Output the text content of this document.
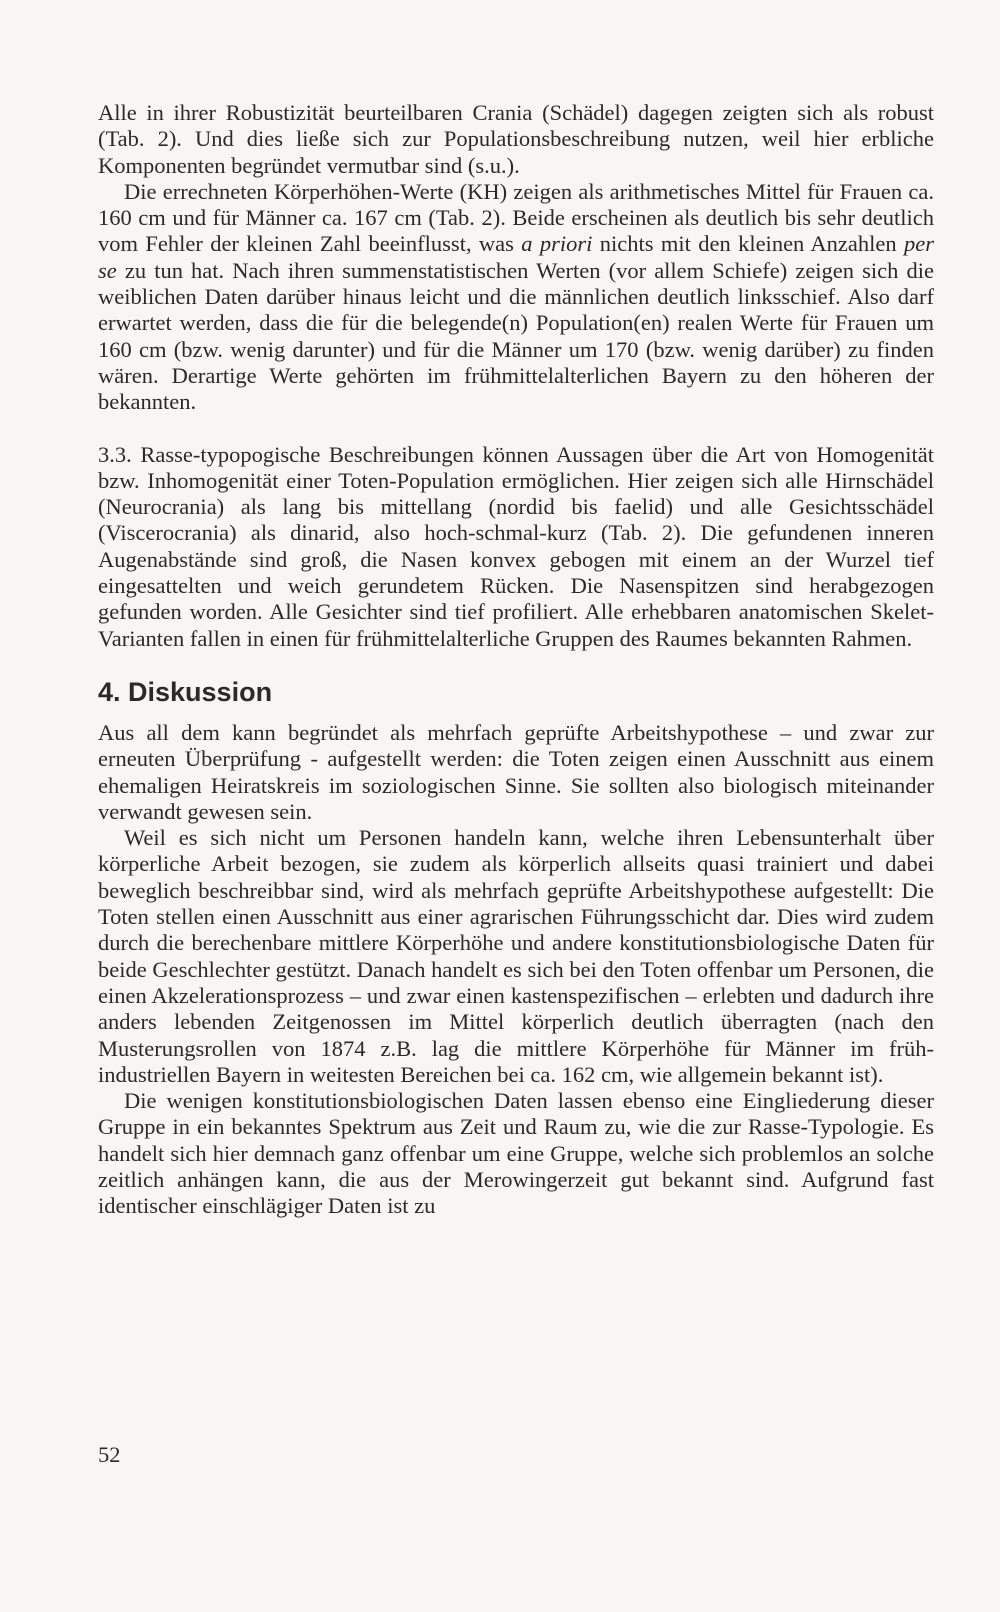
Alle in ihrer Robustizität beurteilbaren Crania (Schädel) dagegen zeigten sich als robust (Tab. 2). Und dies ließe sich zur Populationsbeschreibung nutzen, weil hier erbliche Komponenten begründet vermutbar sind (s.u.).

Die errechneten Körperhöhen-Werte (KH) zeigen als arithmetisches Mittel für Frauen ca. 160 cm und für Männer ca. 167 cm (Tab. 2). Beide erscheinen als deutlich bis sehr deutlich vom Fehler der kleinen Zahl beeinflusst, was a priori nichts mit den kleinen Anzahlen per se zu tun hat. Nach ihren summenstatistischen Werten (vor allem Schiefe) zeigen sich die weiblichen Daten darüber hinaus leicht und die männlichen deutlich linksschief. Also darf erwartet werden, dass die für die belegende(n) Population(en) realen Werte für Frauen um 160 cm (bzw. wenig darunter) und für die Männer um 170 (bzw. wenig darüber) zu finden wären. Derartige Werte gehörten im frühmittelalterlichen Bayern zu den höheren der bekannten.

3.3. Rasse-typopogische Beschreibungen können Aussagen über die Art von Homogenität bzw. Inhomogenität einer Toten-Population ermöglichen. Hier zeigen sich alle Hirnschädel (Neurocrania) als lang bis mittellang (nordid bis faelid) und alle Gesichtsschädel (Viscerocrania) als dinarid, also hoch-schmal-kurz (Tab. 2). Die gefundenen inneren Augenabstände sind groß, die Nasen konvex gebogen mit einem an der Wurzel tief eingesattelten und weich gerundetem Rücken. Die Nasenspitzen sind herabgezogen gefunden worden. Alle Gesichter sind tief profiliert. Alle erhebbaren anatomischen Skelet-Varianten fallen in einen für frühmittelalterliche Gruppen des Raumes bekannten Rahmen.

4. Diskussion

Aus all dem kann begründet als mehrfach geprüfte Arbeitshypothese – und zwar zur erneuten Überprüfung - aufgestellt werden: die Toten zeigen einen Ausschnitt aus einem ehemaligen Heiratskreis im soziologischen Sinne. Sie sollten also biologisch miteinander verwandt gewesen sein.

Weil es sich nicht um Personen handeln kann, welche ihren Lebensunterhalt über körperliche Arbeit bezogen, sie zudem als körperlich allseits quasi trainiert und dabei beweglich beschreibbar sind, wird als mehrfach geprüfte Arbeitshypothese aufgestellt: Die Toten stellen einen Ausschnitt aus einer agrarischen Führungsschicht dar. Dies wird zudem durch die berechenbare mittlere Körperhöhe und andere konstitutionsbiologische Daten für beide Geschlechter gestützt. Danach handelt es sich bei den Toten offenbar um Personen, die einen Akzelerationsprozess – und zwar einen kastenspezifischen – erlebten und dadurch ihre anders lebenden Zeitgenossen im Mittel körperlich deutlich überragten (nach den Musterungsrollen von 1874 z.B. lag die mittlere Körperhöhe für Männer im früh-industriellen Bayern in weitesten Bereichen bei ca. 162 cm, wie allgemein bekannt ist).

Die wenigen konstitutionsbiologischen Daten lassen ebenso eine Eingliederung dieser Gruppe in ein bekanntes Spektrum aus Zeit und Raum zu, wie die zur Rasse-Typologie. Es handelt sich hier demnach ganz offenbar um eine Gruppe, welche sich problemlos an solche zeitlich anhängen kann, die aus der Merowingerzeit gut bekannt sind. Aufgrund fast identischer einschlägiger Daten ist zu

52
